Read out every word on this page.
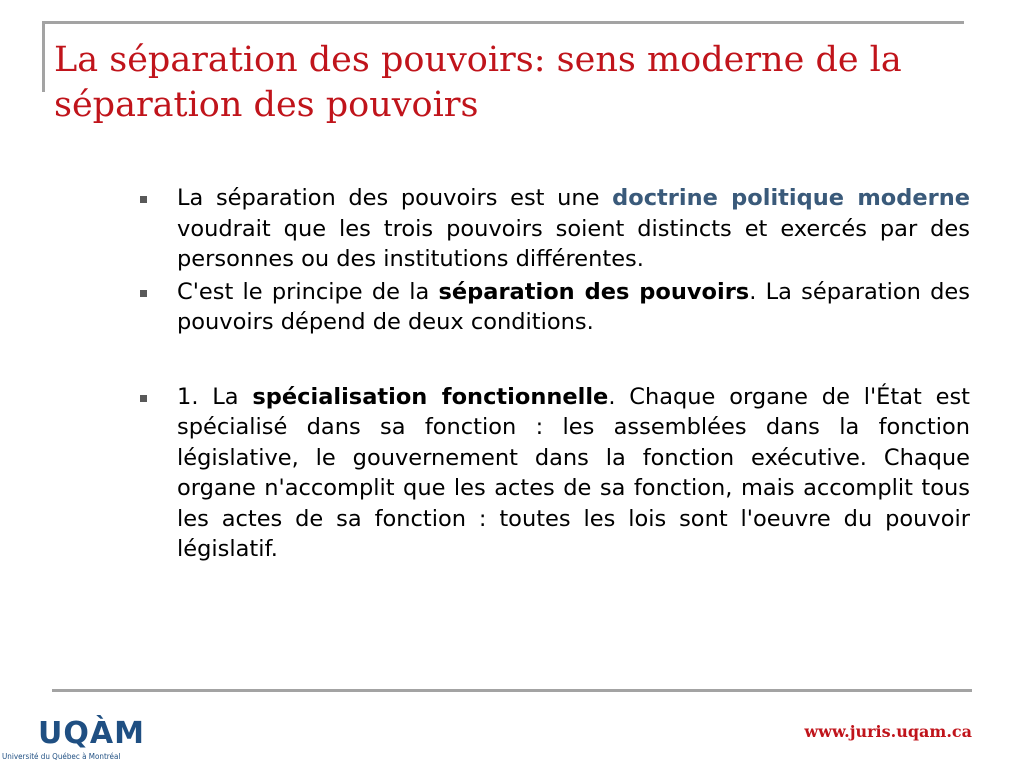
La séparation des pouvoirs: sens moderne de la séparation des pouvoirs
La séparation des pouvoirs est une doctrine politique moderne voudrait que les trois pouvoirs soient distincts et exercés par des personnes ou des institutions différentes.
C'est le principe de la séparation des pouvoirs. La séparation des pouvoirs dépend de deux conditions.
1. La spécialisation fonctionnelle. Chaque organe de l'État est spécialisé dans sa fonction : les assemblées dans la fonction législative, le gouvernement dans la fonction exécutive. Chaque organe n'accomplit que les actes de sa fonction, mais accomplit tous les actes de sa fonction : toutes les lois sont l'oeuvre du pouvoir législatif.
UQÀM
Université du Québec à Montréal
www.juris.uqam.ca
